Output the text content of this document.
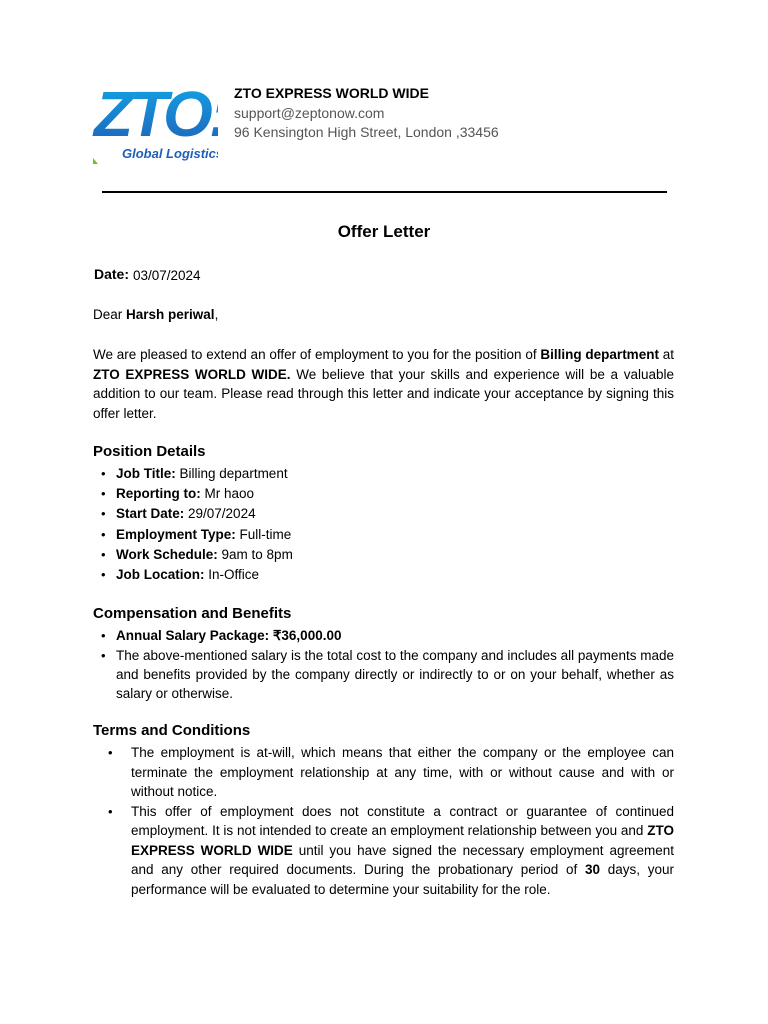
ZTO:
Global Logistics
ZTO EXPRESS WORLD WIDE
support@zeptonow.com
96 Kensington High Street, London ,33456
Offer Letter
Date: 03/07/2024
Dear Harsh periwal,
We are pleased to extend an offer of employment to you for the position of Billing department at ZTO EXPRESS WORLD WIDE. We believe that your skills and experience will be a valuable addition to our team. Please read through this letter and indicate your acceptance by signing this offer letter.
Position Details
• Job Title: Billing department
• Reporting to: Mr haoo
• Start Date: 29/07/2024
• Employment Type: Full-time
• Work Schedule: 9am to 8pm
• Job Location: In-Office
Compensation and Benefits
• Annual Salary Package: ₹36,000.00
• The above-mentioned salary is the total cost to the company and includes all payments made and benefits provided by the company directly or indirectly to or on your behalf, whether as salary or otherwise.
Terms and Conditions
• The employment is at-will, which means that either the company or the employee can terminate the employment relationship at any time, with or without cause and with or without notice.
• This offer of employment does not constitute a contract or guarantee of continued employment. It is not intended to create an employment relationship between you and ZTO EXPRESS WORLD WIDE until you have signed the necessary employment agreement and any other required documents. During the probationary period of 30 days, your performance will be evaluated to determine your suitability for the role.
